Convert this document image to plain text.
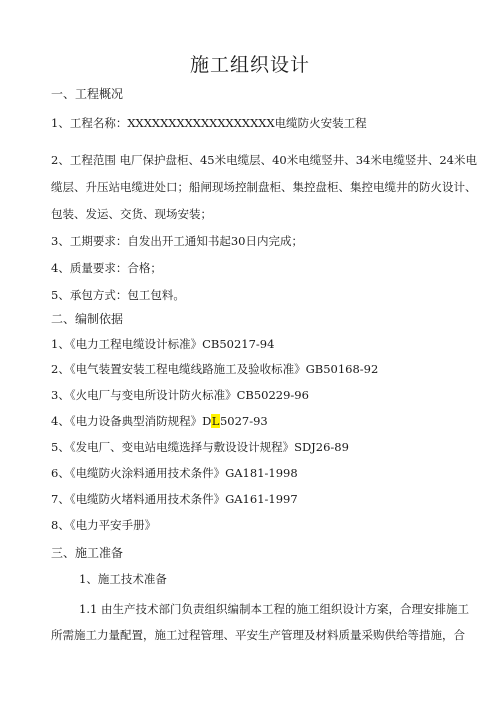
施工组织设计
一、工程概况
1、工程名称：XXXXXXXXXXXXXXXXXX电缆防火安装工程
2、工程范围 电厂保护盘柜、45米电缆层、40米电缆竖井、34米电缆竖井、24米电
缆层、升压站电缆进处口；船闸现场控制盘柜、集控盘柜、集控电缆井的防火设计、
包装、发运、交货、现场安装；
3、工期要求：自发出开工通知书起30日内完成；
4、质量要求：合格；
5、承包方式：包工包料。
二、编制依据
1、《电力工程电缆设计标准》CB50217-94
2、《电气装置安装工程电缆线路施工及验收标准》GB50168-92
3、《火电厂与变电所设计防火标准》CB50229-96
4、《电力设备典型消防规程》DL5027-93
5、《发电厂、变电站电缆选择与敷设设计规程》SDJ26-89
6、《电缆防火涂料通用技术条件》GA181-1998
7、《电缆防火堵料通用技术条件》GA161-1997
8、《电力平安手册》
三、施工准备
1、施工技术准备
1.1 由生产技术部门负责组织编制本工程的施工组织设计方案，合理安排施工
所需施工力量配置，施工过程管理、平安生产管理及材料质量采购供给等措施，合
